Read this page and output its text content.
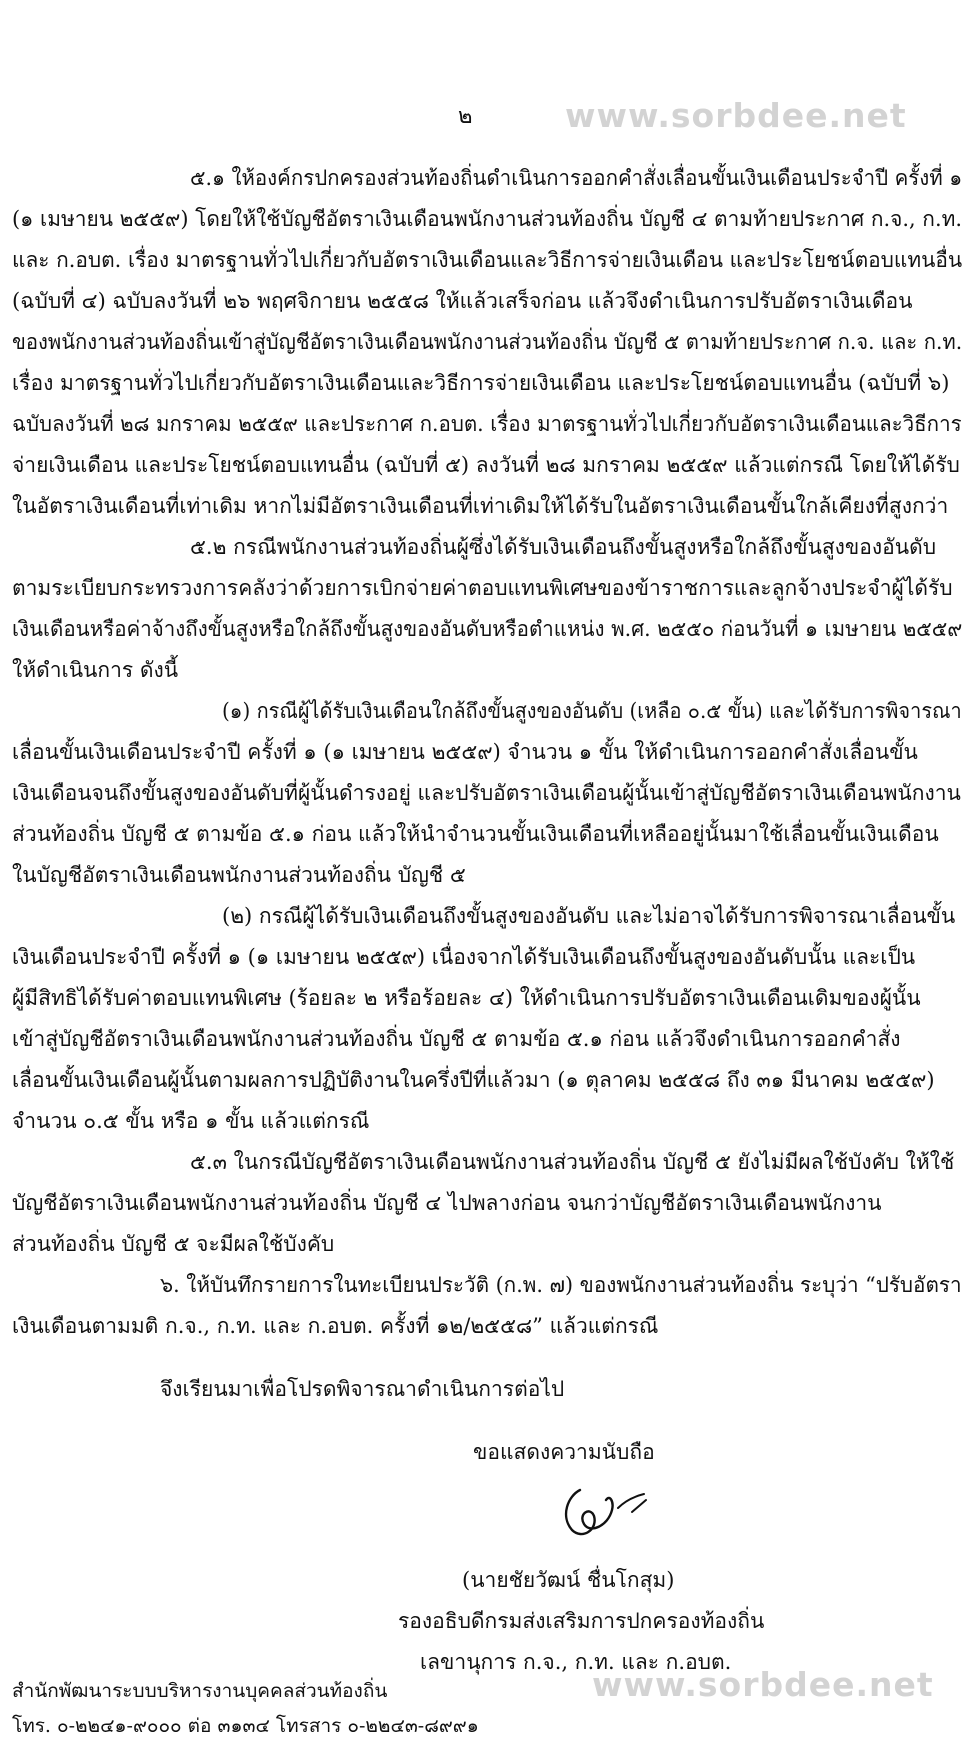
๒	www.sorbdee.net
๕.๑ ให้องค์กรปกครองส่วนท้องถิ่นดำเนินการออกคำสั่งเลื่อนขั้นเงินเดือนประจำปี ครั้งที่ ๑
(๑ เมษายน ๒๕๕๙) โดยให้ใช้บัญชีอัตราเงินเดือนพนักงานส่วนท้องถิ่น บัญชี ๔ ตามท้ายประกาศ ก.จ., ก.ท.
และ ก.อบต. เรื่อง มาตรฐานทั่วไปเกี่ยวกับอัตราเงินเดือนและวิธีการจ่ายเงินเดือน และประโยชน์ตอบแทนอื่น
(ฉบับที่ ๔) ฉบับลงวันที่ ๒๖ พฤศจิกายน ๒๕๕๘ ให้แล้วเสร็จก่อน แล้วจึงดำเนินการปรับอัตราเงินเดือน
ของพนักงานส่วนท้องถิ่นเข้าสู่บัญชีอัตราเงินเดือนพนักงานส่วนท้องถิ่น บัญชี ๕ ตามท้ายประกาศ ก.จ. และ ก.ท.
เรื่อง มาตรฐานทั่วไปเกี่ยวกับอัตราเงินเดือนและวิธีการจ่ายเงินเดือน และประโยชน์ตอบแทนอื่น (ฉบับที่ ๖)
ฉบับลงวันที่ ๒๘ มกราคม ๒๕๕๙ และประกาศ ก.อบต. เรื่อง มาตรฐานทั่วไปเกี่ยวกับอัตราเงินเดือนและวิธีการ
จ่ายเงินเดือน และประโยชน์ตอบแทนอื่น (ฉบับที่ ๕) ลงวันที่ ๒๘ มกราคม ๒๕๕๙ แล้วแต่กรณี โดยให้ได้รับ
ในอัตราเงินเดือนที่เท่าเดิม หากไม่มีอัตราเงินเดือนที่เท่าเดิมให้ได้รับในอัตราเงินเดือนขั้นใกล้เคียงที่สูงกว่า
๕.๒ กรณีพนักงานส่วนท้องถิ่นผู้ซึ่งได้รับเงินเดือนถึงขั้นสูงหรือใกล้ถึงขั้นสูงของอันดับ
ตามระเบียบกระทรวงการคลังว่าด้วยการเบิกจ่ายค่าตอบแทนพิเศษของข้าราชการและลูกจ้างประจำผู้ได้รับ
เงินเดือนหรือค่าจ้างถึงขั้นสูงหรือใกล้ถึงขั้นสูงของอันดับหรือตำแหน่ง พ.ศ. ๒๕๕๐ ก่อนวันที่ ๑ เมษายน ๒๕๕๙
ให้ดำเนินการ ดังนี้
(๑) กรณีผู้ได้รับเงินเดือนใกล้ถึงขั้นสูงของอันดับ (เหลือ ๐.๕ ขั้น) และได้รับการพิจารณา
เลื่อนขั้นเงินเดือนประจำปี ครั้งที่ ๑ (๑ เมษายน ๒๕๕๙) จำนวน ๑ ขั้น ให้ดำเนินการออกคำสั่งเลื่อนขั้น
เงินเดือนจนถึงขั้นสูงของอันดับที่ผู้นั้นดำรงอยู่ และปรับอัตราเงินเดือนผู้นั้นเข้าสู่บัญชีอัตราเงินเดือนพนักงาน
ส่วนท้องถิ่น บัญชี ๕ ตามข้อ ๕.๑ ก่อน แล้วให้นำจำนวนขั้นเงินเดือนที่เหลืออยู่นั้นมาใช้เลื่อนขั้นเงินเดือน
ในบัญชีอัตราเงินเดือนพนักงานส่วนท้องถิ่น บัญชี ๕
(๒) กรณีผู้ได้รับเงินเดือนถึงขั้นสูงของอันดับ และไม่อาจได้รับการพิจารณาเลื่อนขั้น
เงินเดือนประจำปี ครั้งที่ ๑ (๑ เมษายน ๒๕๕๙) เนื่องจากได้รับเงินเดือนถึงขั้นสูงของอันดับนั้น และเป็น
ผู้มีสิทธิได้รับค่าตอบแทนพิเศษ (ร้อยละ ๒ หรือร้อยละ ๔) ให้ดำเนินการปรับอัตราเงินเดือนเดิมของผู้นั้น
เข้าสู่บัญชีอัตราเงินเดือนพนักงานส่วนท้องถิ่น บัญชี ๕ ตามข้อ ๕.๑ ก่อน แล้วจึงดำเนินการออกคำสั่ง
เลื่อนขั้นเงินเดือนผู้นั้นตามผลการปฏิบัติงานในครึ่งปีที่แล้วมา (๑ ตุลาคม ๒๕๕๘ ถึง ๓๑ มีนาคม ๒๕๕๙)
จำนวน ๐.๕ ขั้น หรือ ๑ ขั้น แล้วแต่กรณี
๕.๓ ในกรณีบัญชีอัตราเงินเดือนพนักงานส่วนท้องถิ่น บัญชี ๕ ยังไม่มีผลใช้บังคับ ให้ใช้
บัญชีอัตราเงินเดือนพนักงานส่วนท้องถิ่น บัญชี ๔ ไปพลางก่อน จนกว่าบัญชีอัตราเงินเดือนพนักงาน
ส่วนท้องถิ่น บัญชี ๕ จะมีผลใช้บังคับ
๖. ให้บันทึกรายการในทะเบียนประวัติ (ก.พ. ๗) ของพนักงานส่วนท้องถิ่น ระบุว่า “ปรับอัตรา
เงินเดือนตามมติ ก.จ., ก.ท. และ ก.อบต. ครั้งที่ ๑๒/๒๕๕๘” แล้วแต่กรณี
จึงเรียนมาเพื่อโปรดพิจารณาดำเนินการต่อไป
ขอแสดงความนับถือ
(นายชัยวัฒน์ ชื่นโกสุม)
รองอธิบดีกรมส่งเสริมการปกครองท้องถิ่น
เลขานุการ ก.จ., ก.ท. และ ก.อบต.
สำนักพัฒนาระบบบริหารงานบุคคลส่วนท้องถิ่น	www.sorbdee.net
โทร. ๐-๒๒๔๑-๙๐๐๐ ต่อ ๓๑๓๔ โทรสาร ๐-๒๒๔๓-๘๙๙๑
